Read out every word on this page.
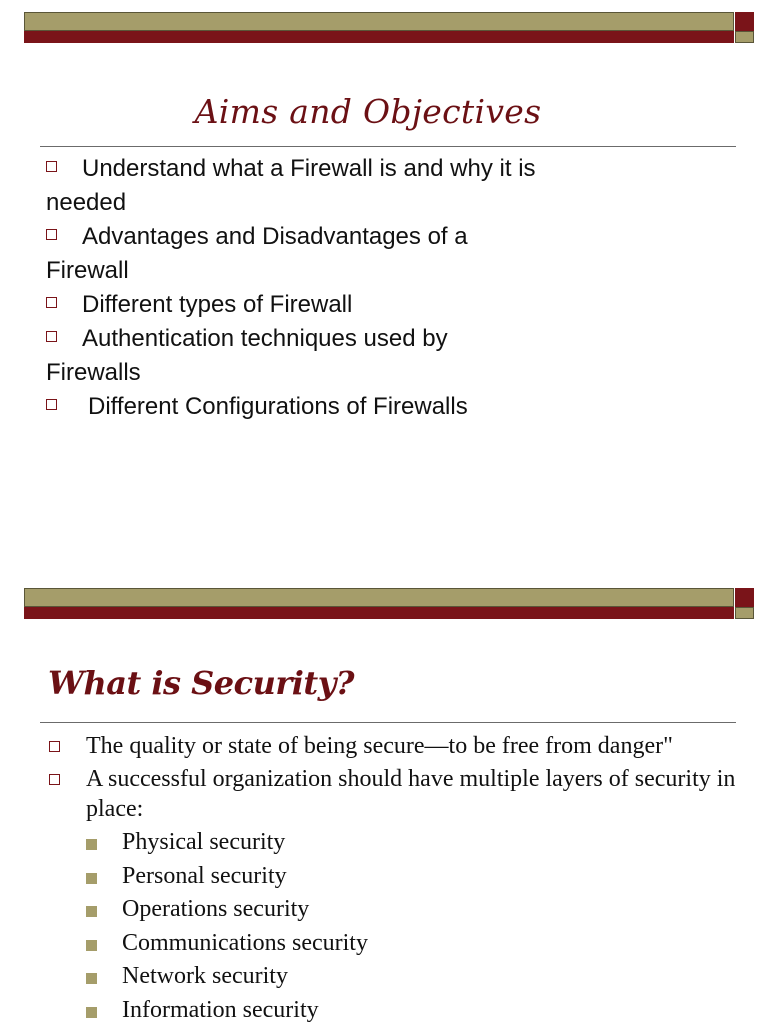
Aims and Objectives
Understand what a Firewall is and why it is needed
Advantages and Disadvantages of a Firewall
Different types of Firewall
Authentication techniques used by Firewalls
Different Configurations of Firewalls
What is Security?
The quality or state of being secure—to be free from danger"
A successful organization should have multiple layers of security in place:
Physical security
Personal security
Operations security
Communications security
Network security
Information security
